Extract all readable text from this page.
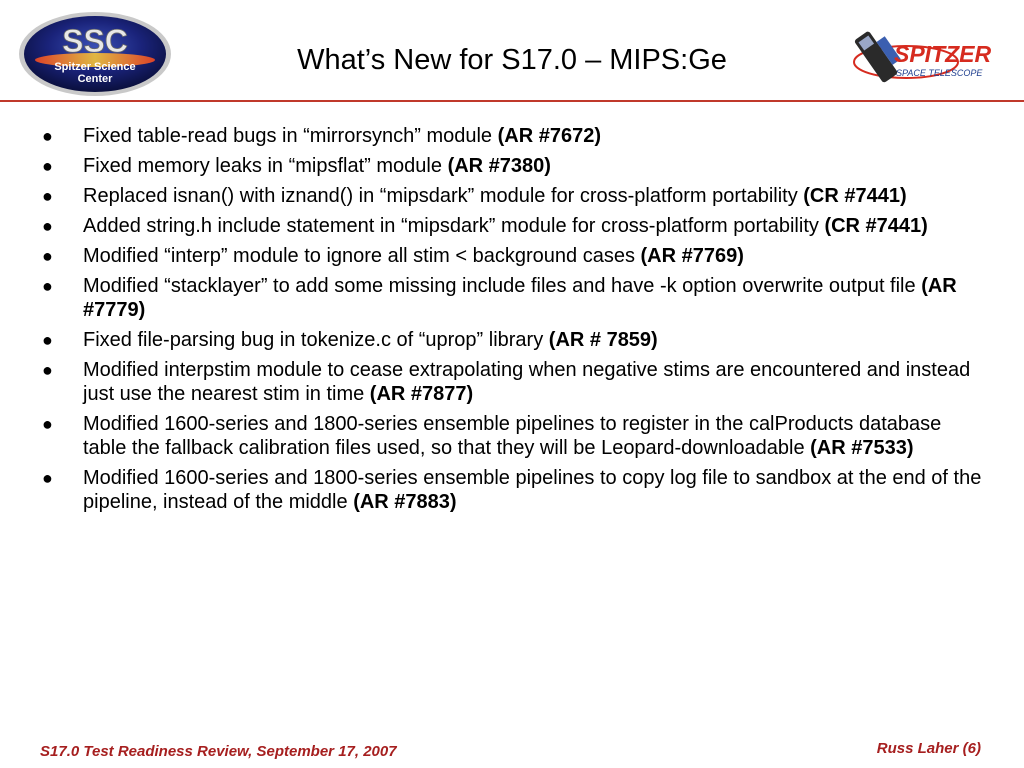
SSC
Spitzer Science
Center
What’s New for S17.0 – MIPS:Ge	SPITZER
SPACE TELESCOPE
● Fixed table-read bugs in “mirrorsynch” module (AR #7672)
● Fixed memory leaks in “mipsflat” module (AR #7380)
● Replaced isnan() with iznand() in “mipsdark” module for cross-platform portability (CR #7441)
● Added string.h include statement in “mipsdark” module for cross-platform portability (CR #7441)
● Modified “interp” module to ignore all stim < background cases (AR #7769)
● Modified “stacklayer” to add some missing include files and have -k option overwrite output file (AR #7779)
● Fixed file-parsing bug in tokenize.c of “uprop” library (AR # 7859)
● Modified interpstim module to cease extrapolating when negative stims are encountered and instead just use the nearest stim in time (AR #7877)
● Modified 1600-series and 1800-series ensemble pipelines to register in the calProducts database table the fallback calibration files used, so that they will be Leopard-downloadable (AR #7533)
● Modified 1600-series and 1800-series ensemble pipelines to copy log file to sandbox at the end of the pipeline, instead of the middle (AR #7883)
S17.0 Test Readiness Review, September 17, 2007	Russ Laher (6)
